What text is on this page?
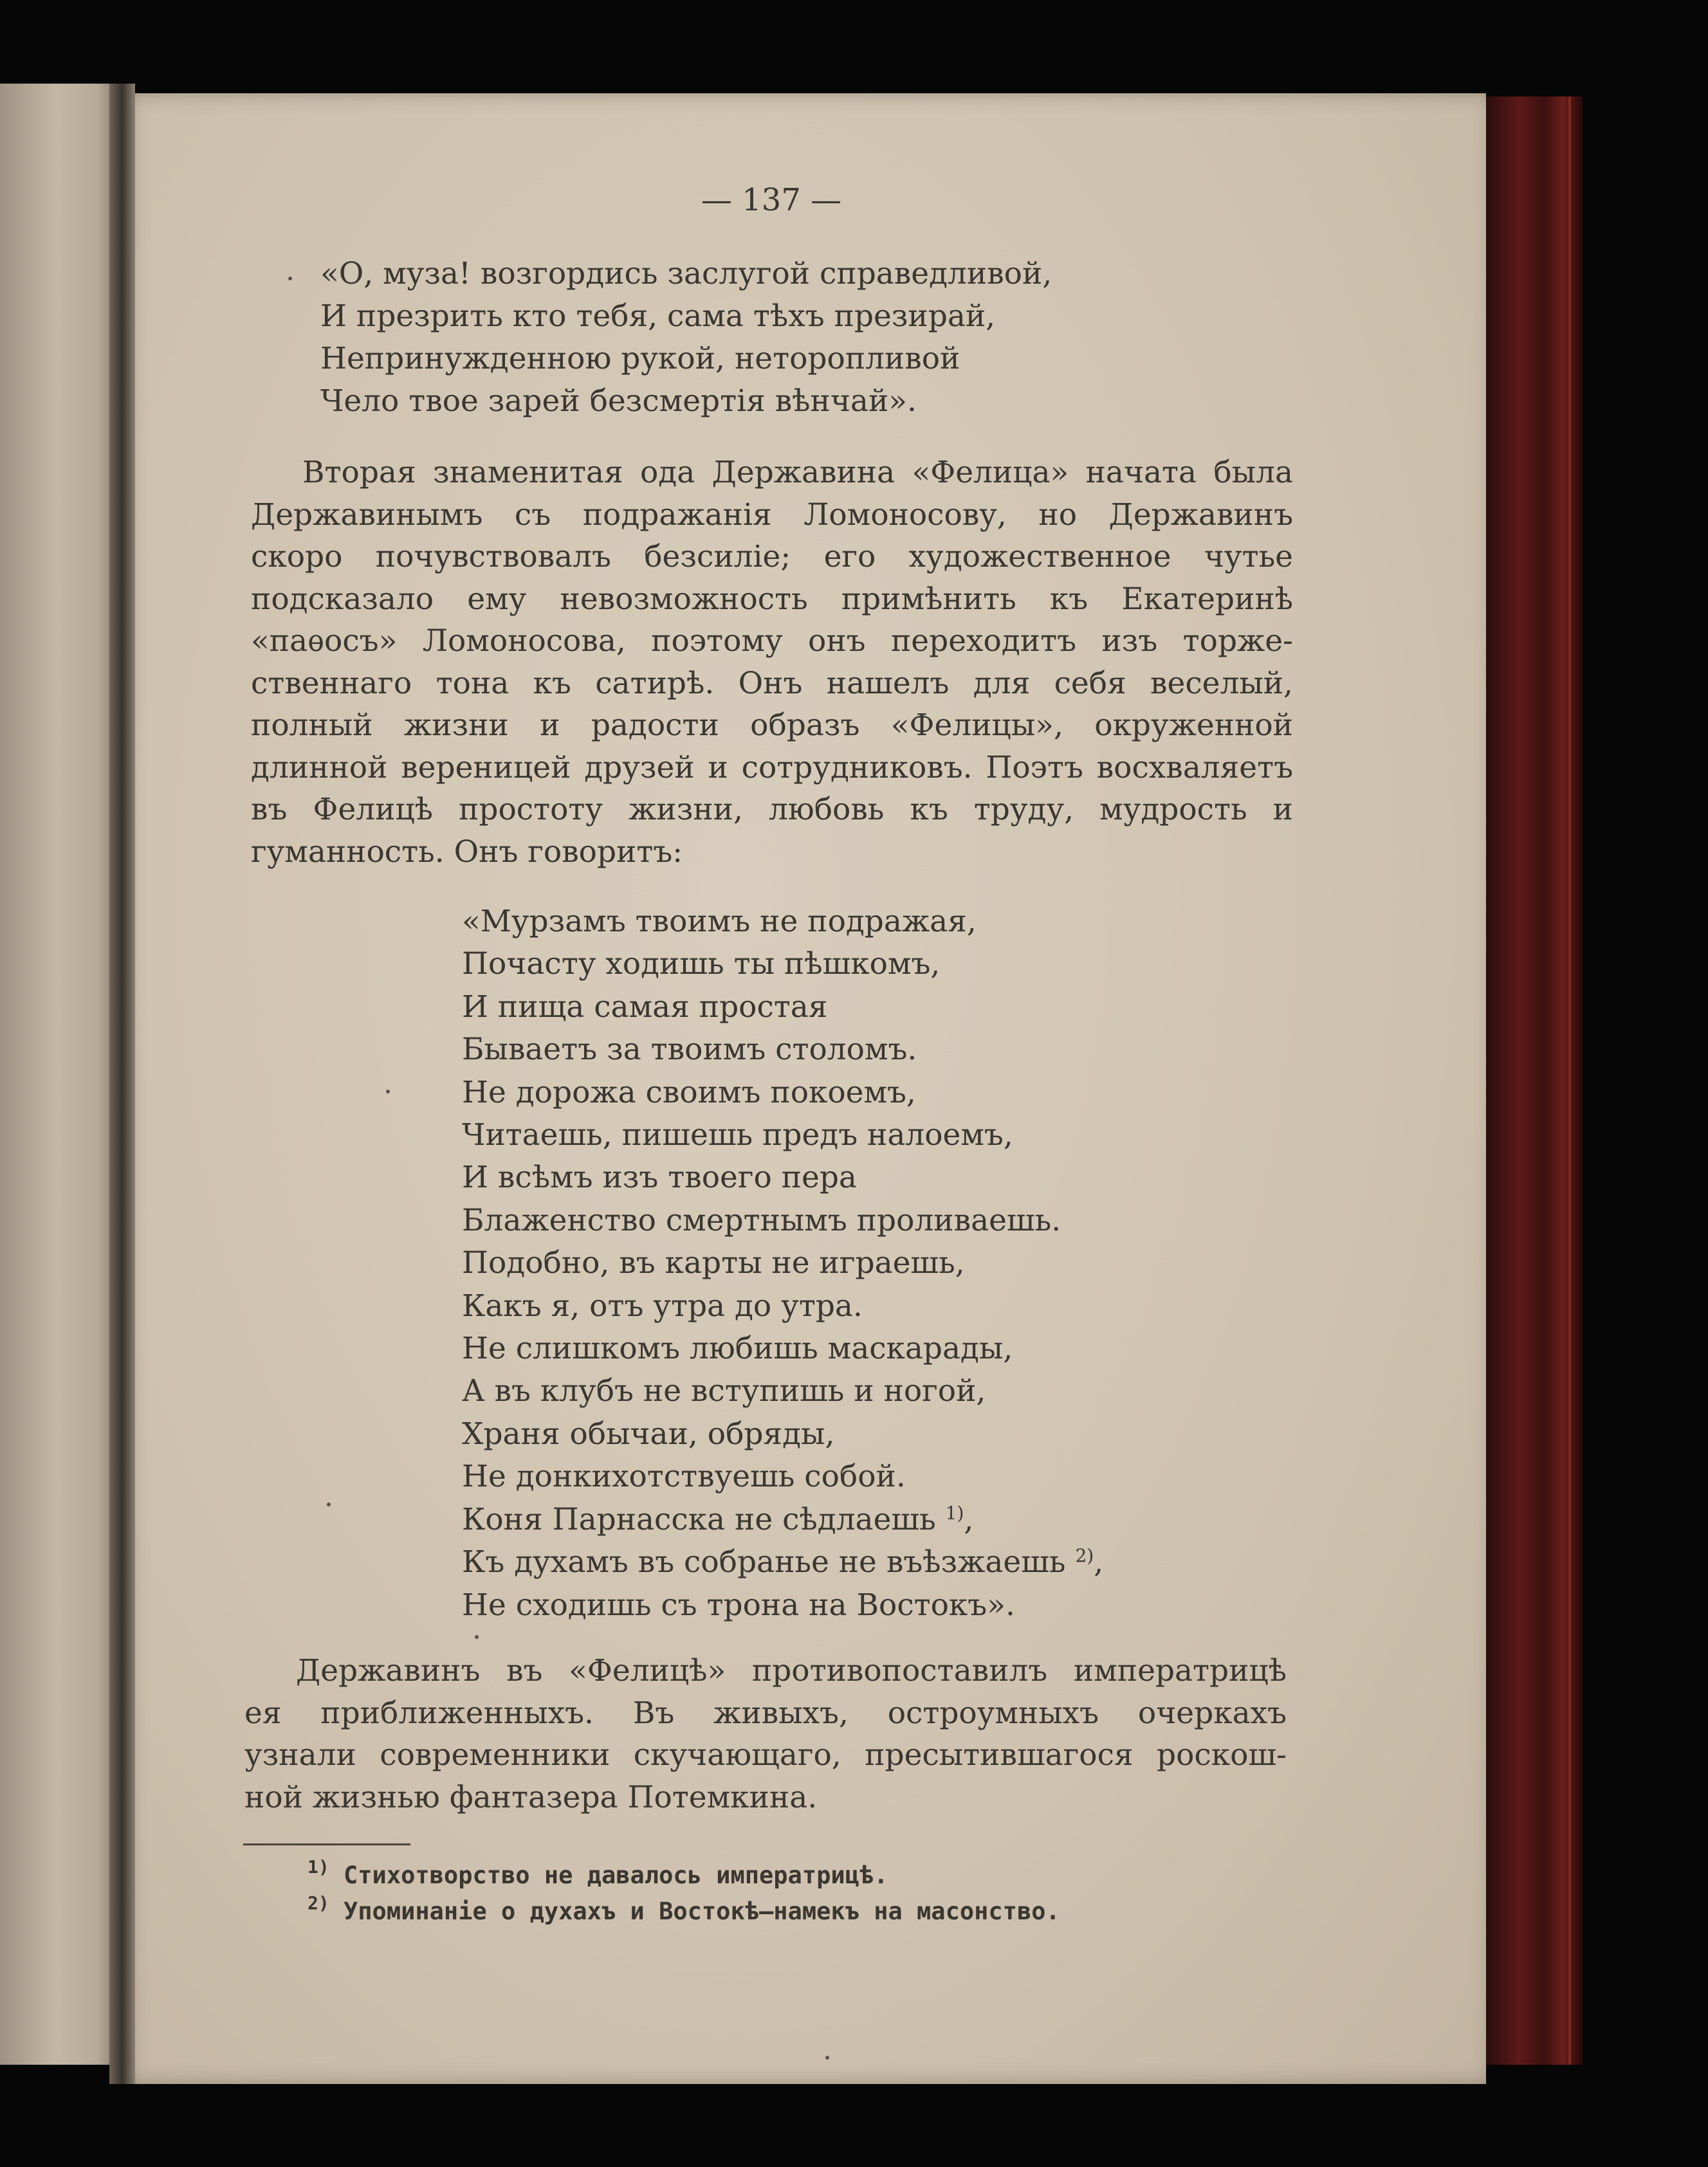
— 137 —
«О, муза! возгордись заслугой справедливой,
И презрить кто тебя, сама тѣхъ презирай,
Непринужденною рукой, неторопливой
Чело твое зарей безсмертія вѣнчай».
Вторая знаменитая ода Державина «Фелица» начата была
Державинымъ съ подражанія Ломоносову, но Державинъ
скоро почувствовалъ безсиліе; его художественное чутье
подсказало ему невозможность примѣнить къ Екатеринѣ
«паѳосъ» Ломоносова, поэтому онъ переходитъ изъ торже-
ственнаго тона къ сатирѣ. Онъ нашелъ для себя веселый,
полный жизни и радости образъ «Фелицы», окруженной
длинной вереницей друзей и сотрудниковъ. Поэтъ восхваляетъ
въ Фелицѣ простоту жизни, любовь къ труду, мудрость и
гуманность. Онъ говоритъ:
«Мурзамъ твоимъ не подражая,
Почасту ходишь ты пѣшкомъ,
И пища самая простая
Бываетъ за твоимъ столомъ.
Не дорожа своимъ покоемъ,
Читаешь, пишешь предъ налоемъ,
И всѣмъ изъ твоего пера
Блаженство смертнымъ проливаешь.
Подобно, въ карты не играешь,
Какъ я, отъ утра до утра.
Не слишкомъ любишь маскарады,
А въ клубъ не вступишь и ногой,
Храня обычаи, обряды,
Не донкихотствуешь собой.
Коня Парнасска не сѣдлаешь $^{1)}$,
Къ духамъ въ собранье не въѣзжаешь $^{2)}$,
Не сходишь съ трона на Востокъ».
Державинъ въ «Фелицѣ» противопоставилъ императрицѣ
ея приближенныхъ. Въ живыхъ, остроумныхъ очеркахъ
узнали современники скучающаго, пресытившагося роскош-
ной жизнью фантазера Потемкина.
$^{1)}$ Стихотворство не давалось императрицѣ.
$^{2)}$ Упоминаніе о духахъ и Востокѣ—намекъ на масонство.
